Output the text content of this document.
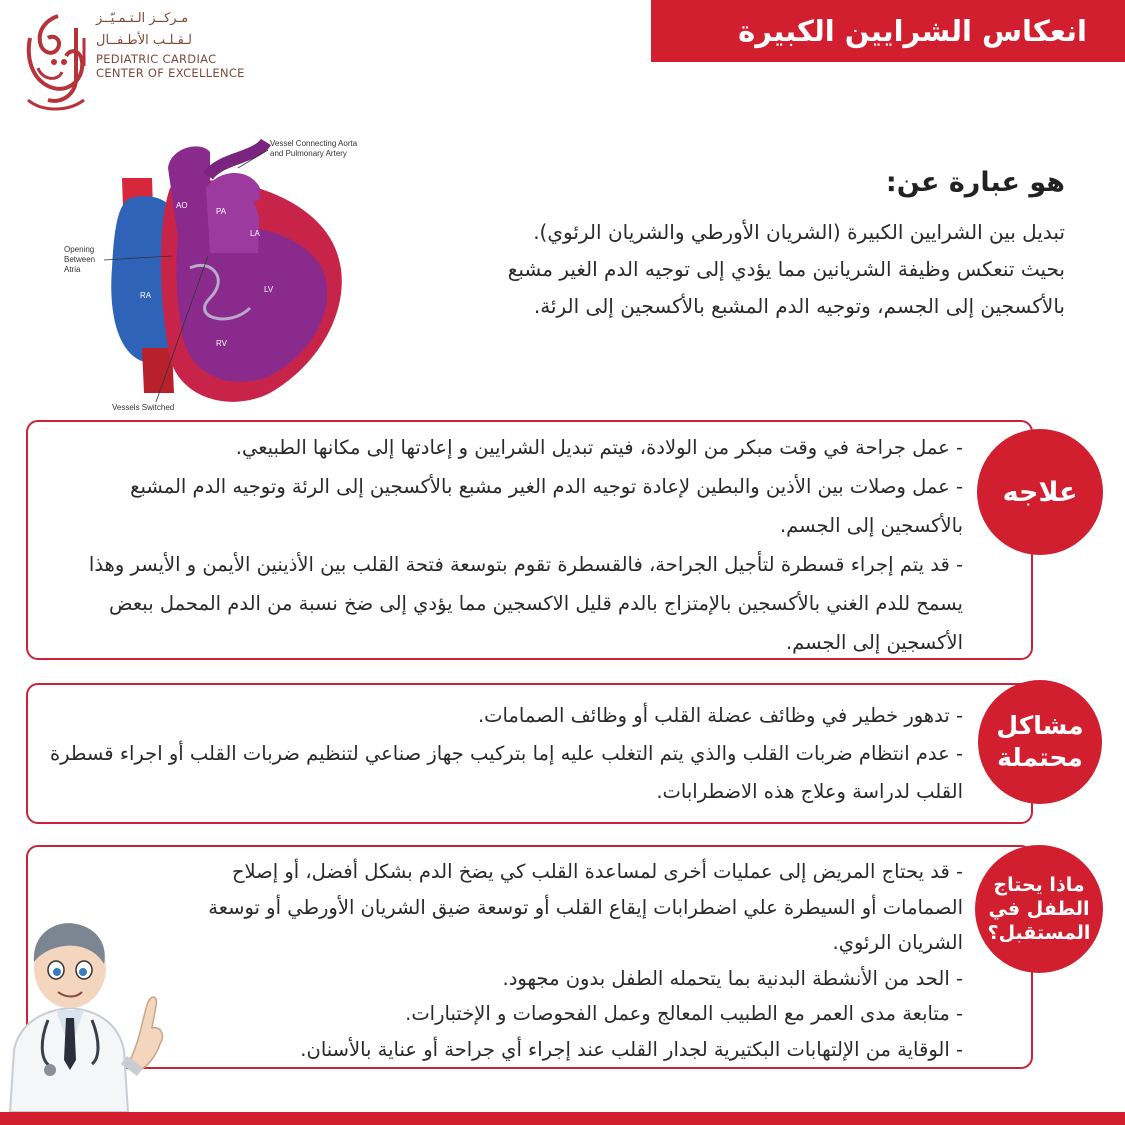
انعكاس الشرايين الكبيرة
مـركــز الـتـمـيّــز
لـقـلـب الأطـفــال
PEDIATRIC CARDIAC
CENTER OF EXCELLENCE
Vessel Connecting Aorta
and Pulmonary Artery
Opening
Between
Atria
AO
PA
LA
LV
RA
RV
Vessels Switched
هو عبارة عن:
تبديل بين الشرايين الكبيرة (الشريان الأورطي والشريان الرئوي).
بحيث تنعكس وظيفة الشريانين مما يؤدي إلى توجيه الدم الغير مشبع
بالأكسجين إلى الجسم، وتوجيه الدم المشبع بالأكسجين إلى الرئة.
- عمل جراحة في وقت مبكر من الولادة، فيتم تبديل الشرايين و إعادتها إلى مكانها الطبيعي.
- عمل وصلات بين الأذين والبطين لإعادة توجيه الدم الغير مشبع بالأكسجين إلى الرئة وتوجيه الدم المشبع بالأكسجين إلى الجسم.
- قد يتم إجراء قسطرة لتأجيل الجراحة، فالقسطرة تقوم بتوسعة فتحة القلب بين الأذينين الأيمن و الأيسر وهذا يسمح للدم الغني بالأكسجين بالإمتزاج بالدم قليل الاكسجين مما يؤدي إلى ضخ نسبة من الدم المحمل ببعض الأكسجين إلى الجسم.
علاجه
- تدهور خطير في وظائف عضلة القلب أو وظائف الصمامات.
- عدم انتظام ضربات القلب والذي يتم التغلب عليه إما بتركيب جهاز صناعي لتنظيم ضربات القلب أو اجراء قسطرة القلب لدراسة وعلاج هذه الاضطرابات.
مشاكل محتملة
- قد يحتاج المريض إلى عمليات أخرى لمساعدة القلب كي يضخ الدم بشكل أفضل، أو إصلاح الصمامات أو السيطرة علي اضطرابات إيقاع القلب أو توسعة ضيق الشريان الأورطي أو توسعة الشريان الرئوي.
- الحد من الأنشطة البدنية بما يتحمله الطفل بدون مجهود.
- متابعة مدى العمر مع الطبيب المعالج وعمل الفحوصات و الإختبارات.
- الوقاية من الإلتهابات البكتيرية لجدار القلب عند إجراء أي جراحة أو عناية بالأسنان.
ماذا يحتاج الطفل في المستقبل؟
